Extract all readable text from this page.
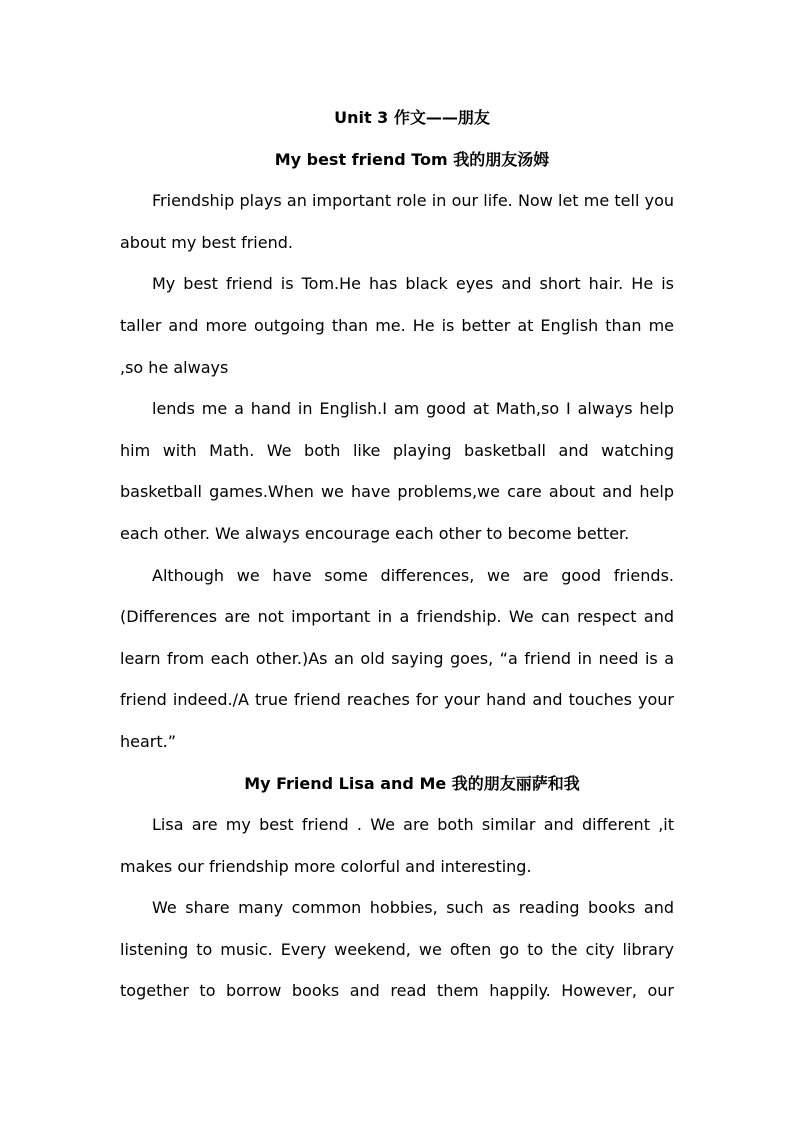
Unit 3 作文——朋友

My best friend Tom 我的朋友汤姆

Friendship plays an important role in our life. Now let me tell you about my best friend.

My best friend is Tom.He has black eyes and short hair. He is taller and more outgoing than me. He is better at English than me ,so he always

lends me a hand in English.I am good at Math,so I always help him with Math. We both like playing basketball and watching basketball games.When we have problems,we care about and help each other. We always encourage each other to become better.

Although we have some differences, we are good friends.(Differences are not important in a friendship. We can respect and learn from each other.)As an old saying goes, “a friend in need is a friend indeed./A true friend reaches for your hand and touches your heart.”

My Friend Lisa and Me 我的朋友丽萨和我

Lisa are my best friend . We are both similar and different ,it makes our friendship more colorful and interesting.

We share many common hobbies, such as reading books and listening to music. Every weekend, we often go to the city library together to borrow books and read them happily. However, our
